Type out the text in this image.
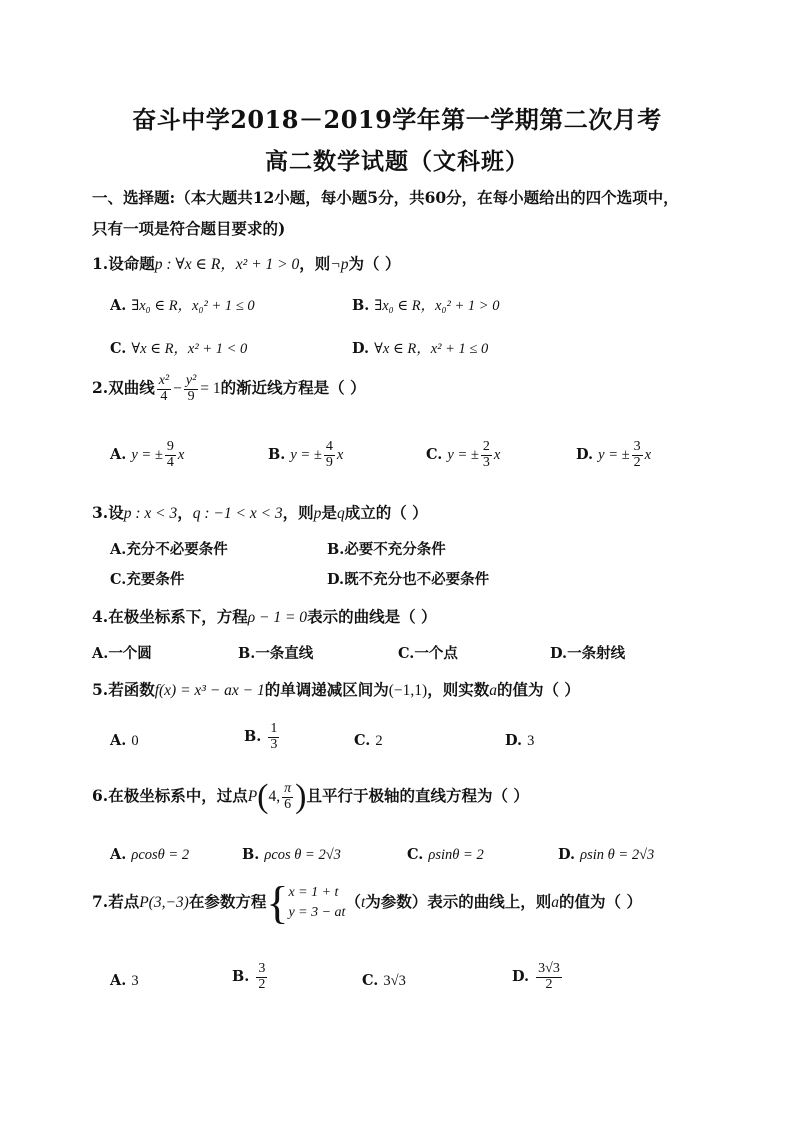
奋斗中学2018－2019学年第一学期第二次月考
高二数学试题（文科班）
一、选择题:（本大题共12小题，每小题5分，共60分，在每小题给出的四个选项中，
只有一项是符合题目要求的)
1.设命题p : ∀x ∈ R，x² + 1 > 0，则¬p为（ ）
A. ∃x₀ ∈ R，x₀² + 1 ≤ 0	B. ∃x₀ ∈ R，x₀² + 1 > 0
C. ∀x ∈ R，x² + 1 < 0	D. ∀x ∈ R，x² + 1 ≤ 0
2.双曲线 $\frac{\text{x²}}{4} - \frac{\text{y²}}{9} = 1$的渐近线方程是（ ）
A. y = ± $\frac{9}{4}$ x	B. y = ± $\frac{4}{9}$ x	C. y = ± $\frac{2}{3}$ x	D. y = ± $\frac{3}{2}$ x
3.设p : x < 3，q : −1 < x < 3，则p是q成立的（ ）
A.充分不必要条件	B.必要不充分条件
C.充要条件	D.既不充分也不必要条件
4.在极坐标系下，方程ρ − 1 = 0表示的曲线是（ ）
A.一个圆	B.一条直线	C.一个点	D.一条射线
5.若函数f(x) = x³ − ax − 1的单调递减区间为(−1,1)，则实数a的值为（ ）
A. 0	B. $\frac{1}{3}$	C. 2	D. 3
6.在极坐标系中，过点P(4, $\frac{\pi}{6}$ )且平行于极轴的直线方程为（ ）
A. ρcosθ = 2	B. ρcos θ = 2√3	C. ρsinθ = 2	D. ρsin θ = 2√3
7.若点P(3,−3)在参数方程{ x = 1 + t
y = 3 − at
（t为参数）表示的曲线上，则a的值为（ ）
A. 3	B. $\frac{3}{2}$	C. 3√3	D. $\frac{3√3}{2}$
